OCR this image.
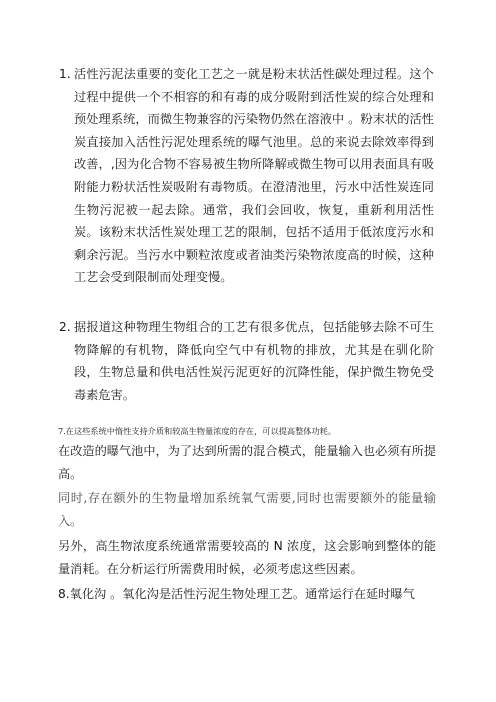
1. 活性污泥法重要的变化工艺之一就是粉末状活性碳处理过程。这个过程中提供一个不相容的和有毒的成分吸附到活性炭的综合处理和预处理系统，而微生物兼容的污染物仍然在溶液中 。粉末状的活性炭直接加入活性污泥处理系统的曝气池里。总的来说去除效率得到改善，,因为化合物不容易被生物所降解或微生物可以用表面具有吸附能力粉状活性炭吸附有毒物质。在澄清池里，污水中活性炭连同生物污泥被一起去除。通常，我们会回收，恢复，重新利用活性炭。该粉末状活性炭处理工艺的限制，包括不适用于低浓度污水和剩余污泥。当污水中颗粒浓度或者油类污染物浓度高的时候，这种工艺会受到限制而处理变慢。

2. 据报道这种物理生物组合的工艺有很多优点，包括能够去除不可生物降解的有机物，降低向空气中有机物的排放，尤其是在驯化阶段，生物总量和供电活性炭污泥更好的沉降性能，保护微生物免受毒素危害。

7.在这些系统中惰性支持介质和较高生物量浓度的存在，可以提高整体功耗。

在改造的曝气池中，为了达到所需的混合模式，能量输入也必须有所提高。

同时,存在额外的生物量增加系统氧气需要,同时也需要额外的能量输入。

另外，高生物浓度系统通常需要较高的 N 浓度，这会影响到整体的能量消耗。在分析运行所需费用时候，必须考虑这些因素。

8.氧化沟 。氧化沟是活性污泥生物处理工艺。通常运行在延时曝气
